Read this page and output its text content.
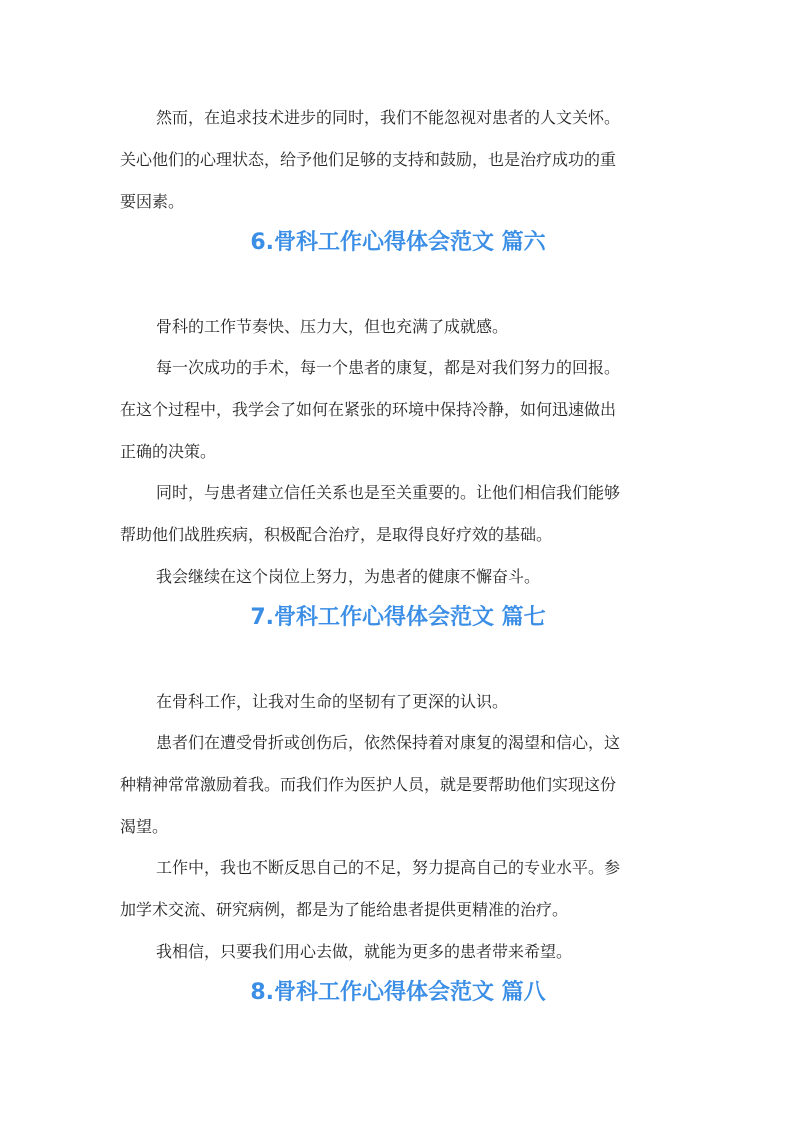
然而，在追求技术进步的同时，我们不能忽视对患者的人文关怀。

关心他们的心理状态，给予他们足够的支持和鼓励，也是治疗成功的重

要因素。

6.骨科工作心得体会范文 篇六

骨科的工作节奏快、压力大，但也充满了成就感。

每一次成功的手术，每一个患者的康复，都是对我们努力的回报。

在这个过程中，我学会了如何在紧张的环境中保持冷静，如何迅速做出

正确的决策。

同时，与患者建立信任关系也是至关重要的。让他们相信我们能够

帮助他们战胜疾病，积极配合治疗，是取得良好疗效的基础。

我会继续在这个岗位上努力，为患者的健康不懈奋斗。

7.骨科工作心得体会范文 篇七

在骨科工作，让我对生命的坚韧有了更深的认识。

患者们在遭受骨折或创伤后，依然保持着对康复的渴望和信心，这

种精神常常激励着我。而我们作为医护人员，就是要帮助他们实现这份

渴望。

工作中，我也不断反思自己的不足，努力提高自己的专业水平。参

加学术交流、研究病例，都是为了能给患者提供更精准的治疗。

我相信，只要我们用心去做，就能为更多的患者带来希望。

8.骨科工作心得体会范文 篇八
